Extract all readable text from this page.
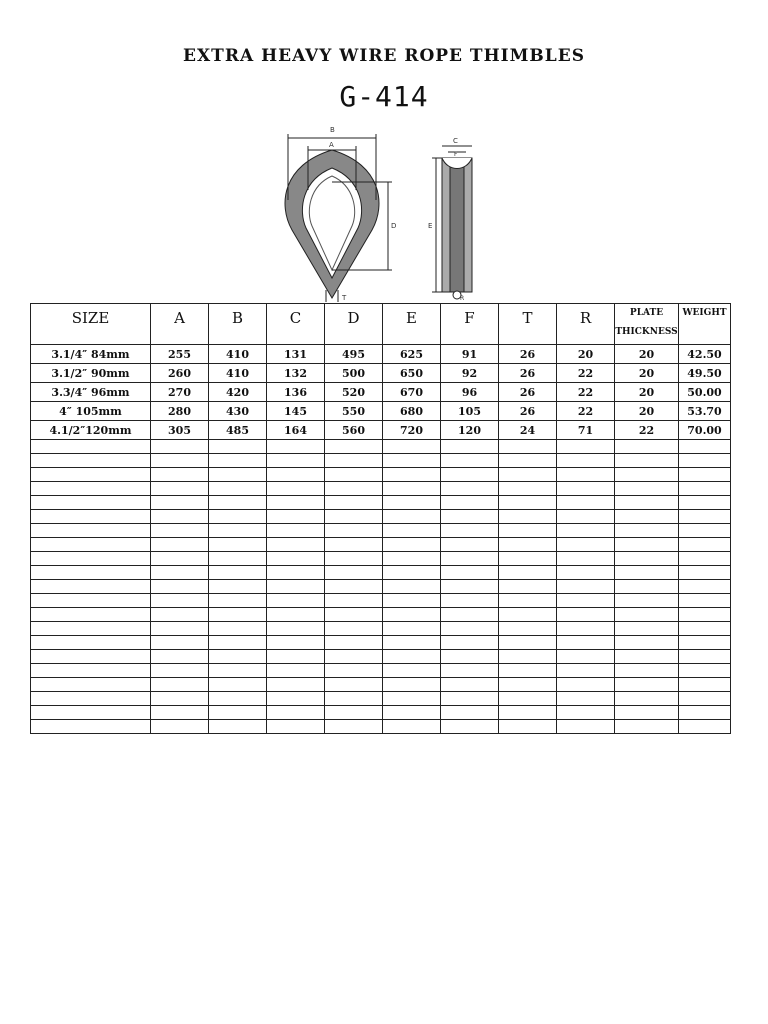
EXTRA HEAVY WIRE ROPE THIMBLES
G-414
B
A
D
T
C
F
E
R
SIZE	A	B	C	D	E	F	T	R	PLATE THICKNESS	WEIGHT
3.1/4″ 84mm	255	410	131	495	625	91	26	20	20	42.50
3.1/2″ 90mm	260	410	132	500	650	92	26	22	20	49.50
3.3/4″ 96mm	270	420	136	520	670	96	26	22	20	50.00
4″ 105mm	280	430	145	550	680	105	26	22	20	53.70
4.1/2″120mm	305	485	164	560	720	120	24	71	22	70.00
